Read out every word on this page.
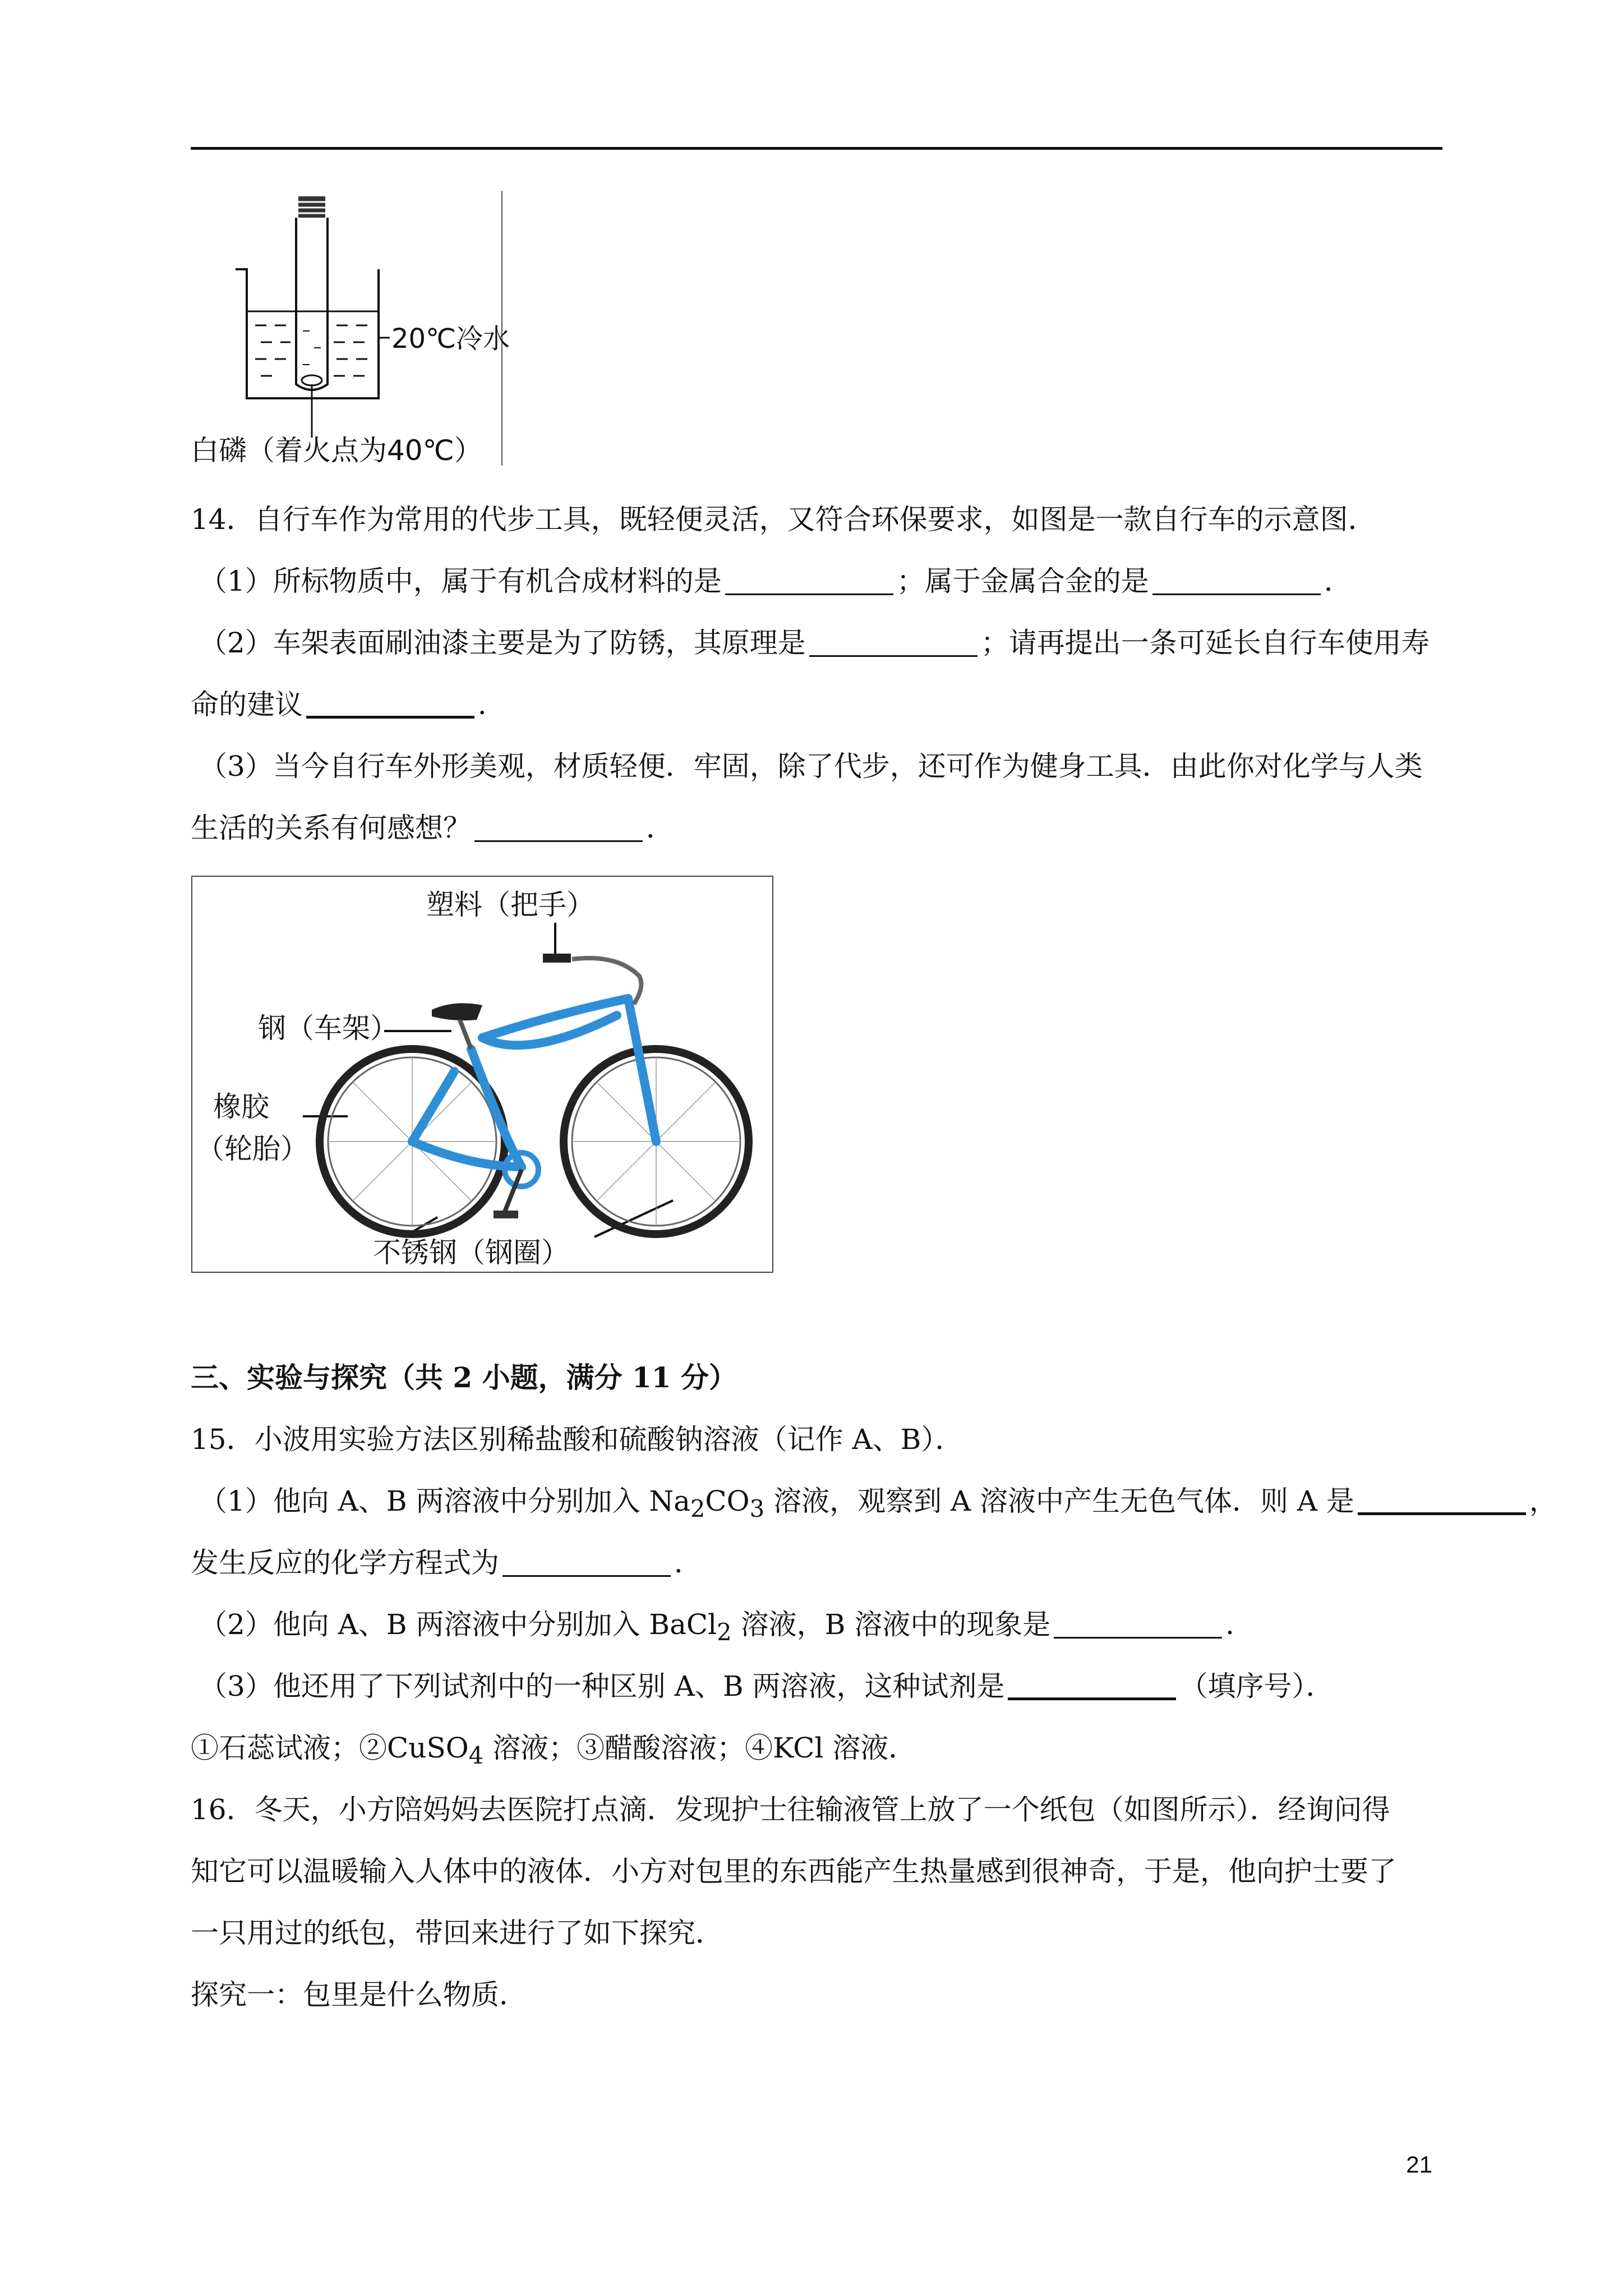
20℃冷水
白磷（着火点为40℃）
14．自行车作为常用的代步工具，既轻便灵活，又符合环保要求，如图是一款自行车的示意图．
（1）所标物质中，属于有机合成材料的是	；属于金属合金的是	．
（2）车架表面刷油漆主要是为了防锈，其原理是	；请再提出一条可延长自行车使用寿
命的建议	．
（3）当今自行车外形美观，材质轻便．牢固，除了代步，还可作为健身工具．由此你对化学与人类
生活的关系有何感想？	．
塑料（把手）
钢（车架）
橡胶
（轮胎）
不锈钢（钢圈）
三、实验与探究（共 2 小题，满分 11 分）
15．小波用实验方法区别稀盐酸和硫酸钠溶液（记作 A、B）．
（1）他向 A、B 两溶液中分别加入 $Na_2CO_3$ 溶液，观察到 A 溶液中产生无色气体．则 A 是	，
发生反应的化学方程式为	．
（2）他向 A、B 两溶液中分别加入 BaCl$_2$ 溶液，B 溶液中的现象是	．
（3）他还用了下列试剂中的一种区别 A、B 两溶液，这种试剂是	（填序号）．
①石蕊试液；②CuSO$_4$ 溶液；③醋酸溶液；④KCl 溶液．
16．冬天，小方陪妈妈去医院打点滴．发现护士往输液管上放了一个纸包（如图所示）．经询问得
知它可以温暖输入人体中的液体．小方对包里的东西能产生热量感到很神奇，于是，他向护士要了
一只用过的纸包，带回来进行了如下探究．
探究一：包里是什么物质．
21
